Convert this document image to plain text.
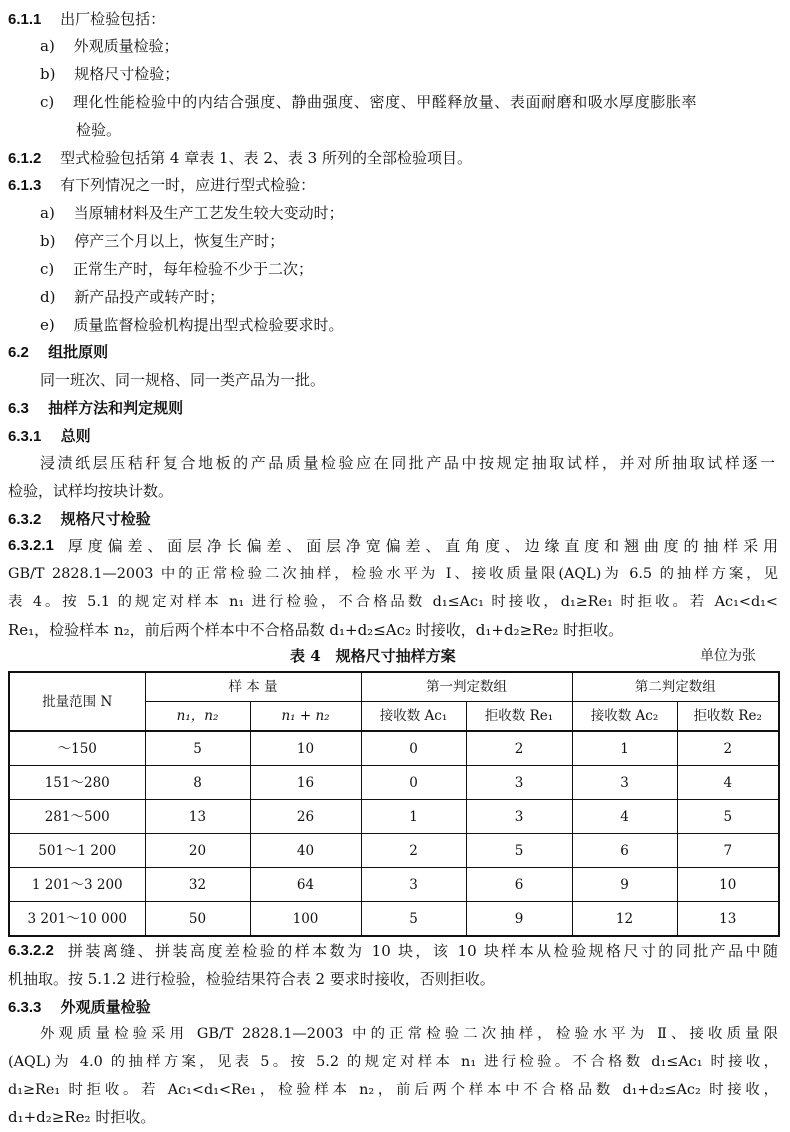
6.1.1 出厂检验包括：
a) 外观质量检验；
b) 规格尺寸检验；
c) 理化性能检验中的内结合强度、静曲强度、密度、甲醛释放量、表面耐磨和吸水厚度膨胀率
检验。
6.1.2 型式检验包括第 4 章表 1、表 2、表 3 所列的全部检验项目。
6.1.3 有下列情况之一时，应进行型式检验：
a) 当原辅材料及生产工艺发生较大变动时；
b) 停产三个月以上，恢复生产时；
c) 正常生产时，每年检验不少于二次；
d) 新产品投产或转产时；
e) 质量监督检验机构提出型式检验要求时。
6.2 组批原则
同一班次、同一规格、同一类产品为一批。
6.3 抽样方法和判定规则
6.3.1 总则
浸渍纸层压秸秆复合地板的产品质量检验应在同批产品中按规定抽取试样，并对所抽取试样逐一
检验，试样均按块计数。
6.3.2 规格尺寸检验
6.3.2.1 厚度偏差、面层净长偏差、面层净宽偏差、直角度、边缘直度和翘曲度的抽样采用
GB/T 2828.1—2003 中的正常检验二次抽样，检验水平为 Ⅰ、接收质量限(AQL)为 6.5 的抽样方案，见
表 4。按 5.1 的规定对样本 n₁ 进行检验，不合格品数 d₁≤Ac₁ 时接收，d₁≥Re₁ 时拒收。若 Ac₁<d₁<
Re₁，检验样本 n₂，前后两个样本中不合格品数 d₁+d₂≤Ac₂ 时接收，d₁+d₂≥Re₂ 时拒收。
表 4　规格尺寸抽样方案	单位为张
批量范围 N	样 本 量		第一判定数组		第二判定数组	
	n₁，n₂	n₁ + n₂	接收数 Ac₁	拒收数 Re₁	接收数 Ac₂	拒收数 Re₂
～150	5	10	0	2	1	2
151～280	8	16	0	3	3	4
281～500	13	26	1	3	4	5
501～1 200	20	40	2	5	6	7
1 201～3 200	32	64	3	6	9	10
3 201～10 000	50	100	5	9	12	13
6.3.2.2 拼装离缝、拼装高度差检验的样本数为 10 块，该 10 块样本从检验规格尺寸的同批产品中随
机抽取。按 5.1.2 进行检验，检验结果符合表 2 要求时接收，否则拒收。
6.3.3 外观质量检验
外观质量检验采用 GB/T 2828.1—2003 中的正常检验二次抽样，检验水平为 Ⅱ、接收质量限
(AQL)为 4.0 的抽样方案，见表 5。按 5.2 的规定对样本 n₁ 进行检验。不合格数 d₁≤Ac₁ 时接收，
d₁≥Re₁ 时拒收。若 Ac₁<d₁<Re₁，检验样本 n₂，前后两个样本中不合格品数 d₁+d₂≤Ac₂ 时接收，
d₁+d₂≥Re₂ 时拒收。
